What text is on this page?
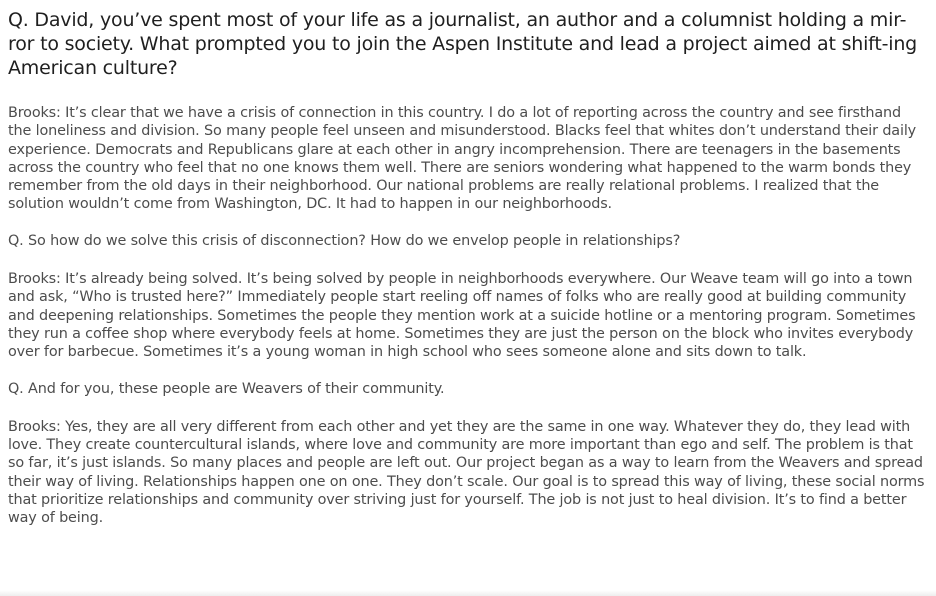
Q. David, you’ve spent most of your life as a journalist, an author and a columnist holding a mir-ror to society. What prompted you to join the Aspen Institute and lead a project aimed at shift-ing American culture?
Brooks: It’s clear that we have a crisis of connection in this country. I do a lot of reporting across the country and see firsthand the loneliness and division. So many people feel unseen and misunderstood. Blacks feel that whites don’t understand their daily experience. Democrats and Republicans glare at each other in angry incomprehension. There are teenagers in the basements across the country who feel that no one knows them well. There are seniors wondering what happened to the warm bonds they remember from the old days in their neighborhood. Our national problems are really relational problems. I realized that the solution wouldn’t come from Washington, DC. It had to happen in our neighborhoods.
Q. So how do we solve this crisis of disconnection? How do we envelop people in relationships?
Brooks: It’s already being solved. It’s being solved by people in neighborhoods everywhere. Our Weave team will go into a town and ask, “Who is trusted here?” Immediately people start reeling off names of folks who are really good at building community and deepening relationships. Sometimes the people they mention work at a suicide hotline or a mentoring program. Sometimes they run a coffee shop where everybody feels at home. Sometimes they are just the person on the block who invites everybody over for barbecue. Sometimes it’s a young woman in high school who sees someone alone and sits down to talk.
Q. And for you, these people are Weavers of their community.
Brooks: Yes, they are all very different from each other and yet they are the same in one way. Whatever they do, they lead with love. They create countercultural islands, where love and community are more important than ego and self. The problem is that so far, it’s just islands. So many places and people are left out. Our project began as a way to learn from the Weavers and spread their way of living. Relationships happen one on one. They don’t scale. Our goal is to spread this way of living, these social norms that prioritize relationships and community over striving just for yourself. The job is not just to heal division. It’s to find a better way of being.
